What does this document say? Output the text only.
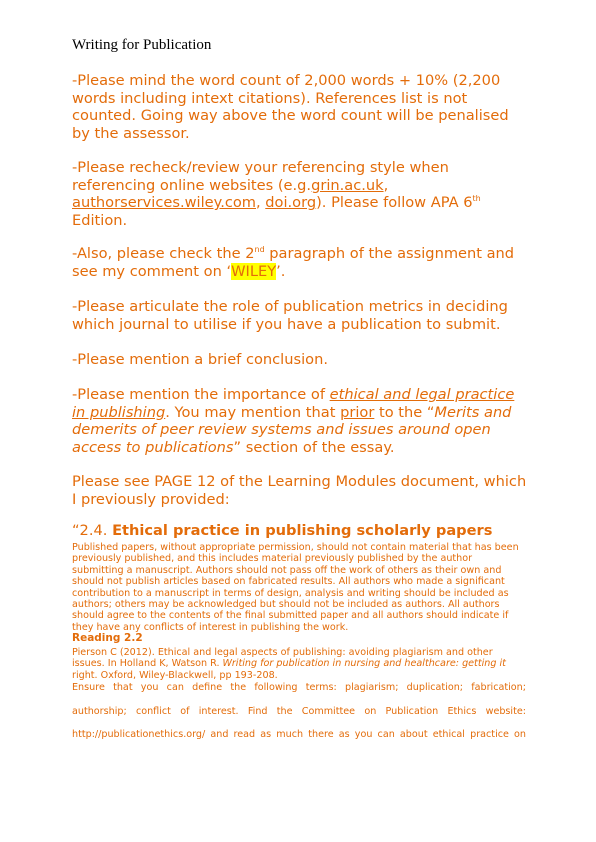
Writing for Publication
-Please mind the word count of 2,000 words + 10% (2,200 words including intext citations). References list is not counted. Going way above the word count will be penalised by the assessor.
-Please recheck/review your referencing style when referencing online websites (e.g.grin.ac.uk, authorservices.wiley.com, doi.org). Please follow APA 6th Edition.
-Also, please check the 2nd paragraph of the assignment and see my comment on ‘WILEY’.
-Please articulate the role of publication metrics in deciding which journal to utilise if you have a publication to submit.
-Please mention a brief conclusion.
-Please mention the importance of ethical and legal practice in publishing. You may mention that prior to the “Merits and demerits of peer review systems and issues around open access to publications” section of the essay.
Please see PAGE 12 of the Learning Modules document, which I previously provided:
“2.4. Ethical practice in publishing scholarly papers
Published papers, without appropriate permission, should not contain material that has been previously published, and this includes material previously published by the author submitting a manuscript. Authors should not pass off the work of others as their own and should not publish articles based on fabricated results. All authors who made a significant contribution to a manuscript in terms of design, analysis and writing should be included as authors; others may be acknowledged but should not be included as authors. All authors should agree to the contents of the final submitted paper and all authors should indicate if they have any conflicts of interest in publishing the work.
Reading 2.2
Pierson C (2012). Ethical and legal aspects of publishing: avoiding plagiarism and other issues. In Holland K, Watson R. Writing for publication in nursing and healthcare: getting it right. Oxford, Wiley-Blackwell, pp 193-208.
Ensure that you can define the following terms: plagiarism; duplication; fabrication;
authorship; conflict of interest. Find the Committee on Publication Ethics website:
http://publicationethics.org/ and read as much there as you can about ethical practice on
